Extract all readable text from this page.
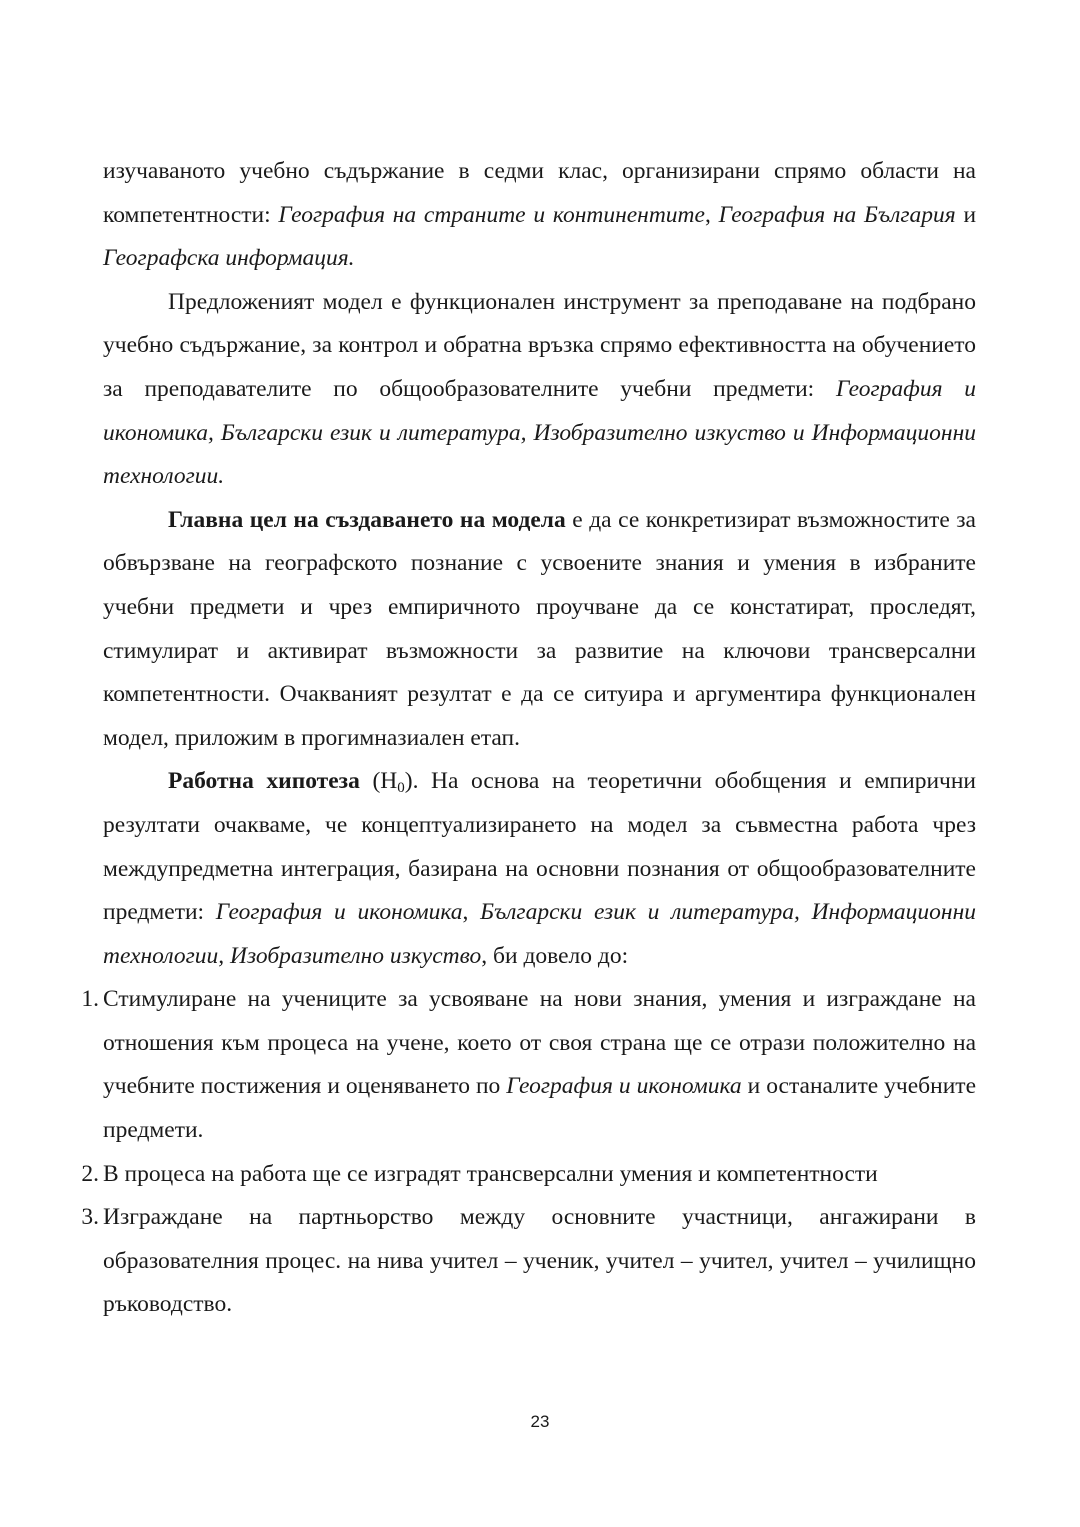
изучаваното учебно съдържание в седми клас, организирани спрямо области на компетентности: География на страните и континентите, География на България и Географска информация.

Предложеният модел е функционален инструмент за преподаване на подбрано учебно съдържание, за контрол и обратна връзка спрямо ефективността на обучението за преподавателите по общообразователните учебни предмети: География и икономика, Български език и литература, Изобразително изкуство и Информационни технологии.

Главна цел на създаването на модела е да се конкретизират възможностите за обвързване на географското познание с усвоените знания и умения в избраните учебни предмети и чрез емпиричното проучване да се констатират, проследят, стимулират и активират възможности за развитие на ключови трансверсални компетентности. Очакваният резултат е да се ситуира и аргументира функционален модел, приложим в прогимназиален етап.

Работна хипотеза $(Н_0)$. На основа на теоретични обобщения и емпирични резултати очакваме, че концептуализирането на модел за съвместна работа чрез междупредметна интеграция, базирана на основни познания от общообразователните предмети: География и икономика, Български език и литература, Информационни технологии, Изобразително изкуство, би довело до:

1. Стимулиране на учениците за усвояване на нови знания, умения и изграждане на отношения към процеса на учене, което от своя страна ще се отрази положително на учебните постижения и оценяването по География и икономика и останалите учебните предмети.
2. В процеса на работа ще се изградят трансверсални умения и компетентности
3. Изграждане на партньорство между основните участници, ангажирани в образователния процес. на нива учител – ученик, учител – учител, учител – училищно ръководство.
23
